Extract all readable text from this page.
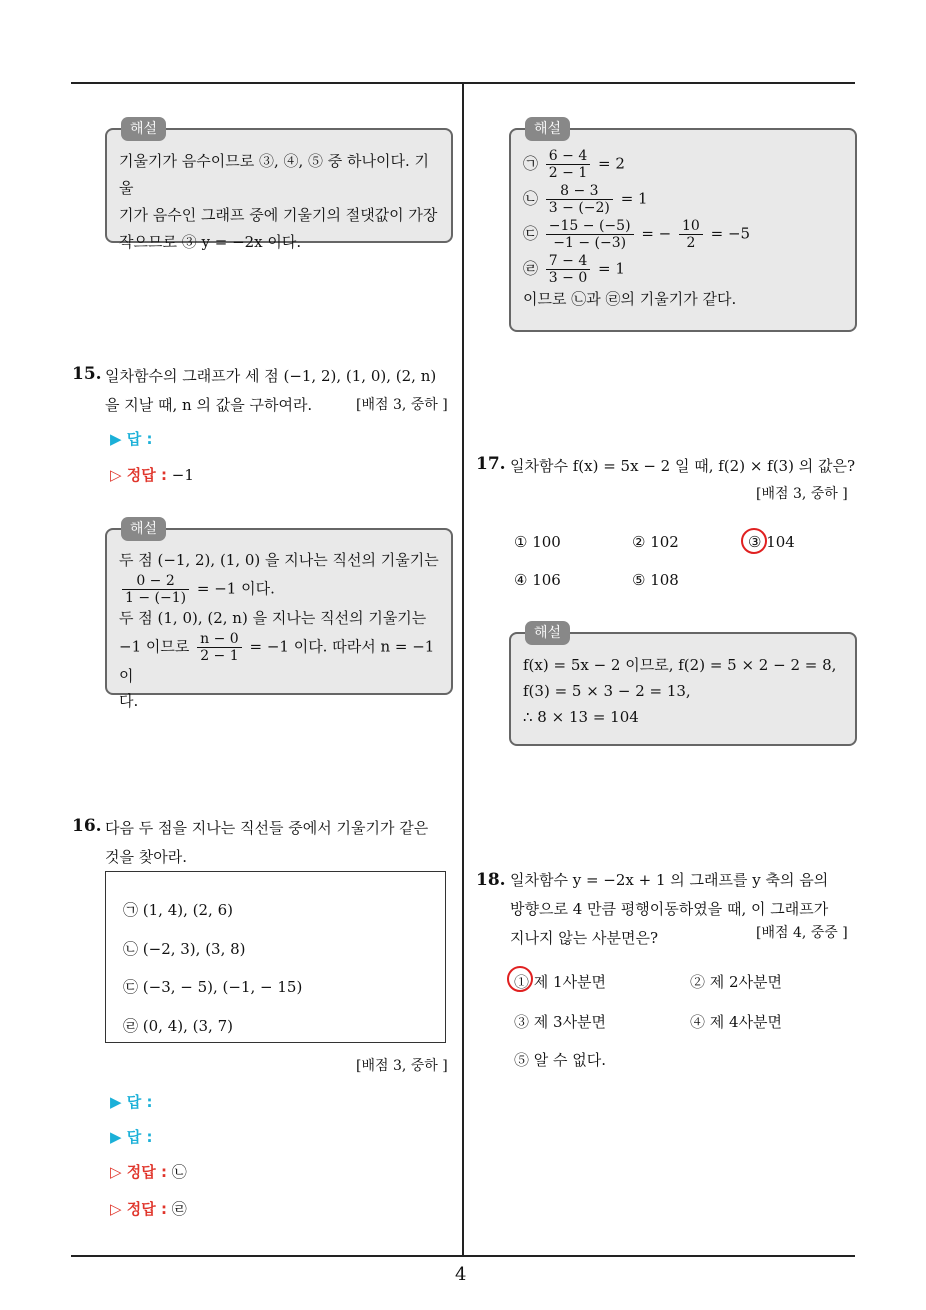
4
해설
기울기가 음수이므로 ③, ④, ⑤ 중 하나이다. 기울
기가 음수인 그래프 중에 기울기의 절댓값이 가장
작으므로 ③ y = −2x 이다.
15. 일차함수의 그래프가 세 점 (−1, 2), (1, 0), (2, n)
을 지날 때, n 의 값을 구하여라.	[배점 3, 중하 ]
▶ 답 :
▷ 정답 : −1
해설
두 점 (−1, 2), (1, 0) 을 지나는 직선의 기울기는
$\frac{0 - 2}{1 - (-1)} = -1$ 이다.
두 점 (1, 0), (2, n) 을 지나는 직선의 기울기는
−1 이므로 $\frac{n - 0}{2 - 1} = -1$ 이다. 따라서 n = −1 이
다.
16. 다음 두 점을 지나는 직선들 중에서 기울기가 같은
것을 찾아라.
㉠ (1, 4), (2, 6)
㉡ (−2, 3), (3, 8)
㉢ (−3, − 5), (−1, − 15)
㉣ (0, 4), (3, 7)
[배점 3, 중하 ]
▶ 답 :
▶ 답 :
▷ 정답 : ㉡
▷ 정답 : ㉣
해설
㉠ $\frac{6 - 4}{2 - 1} = 2$
㉡ $\frac{8 - 3}{3 - (-2)} = 1$
㉢ $\frac{-15 - (-5)}{-1 - (-3)}$ = − $\frac{10}{2} = -5$
㉣ $\frac{7 - 4}{3 - 0} = 1$
이므로 ㉡과 ㉣의 기울기가 같다.
17. 일차함수 f(x) = 5x − 2 일 때, f(2) × f(3) 의 값은?
[배점 3, 중하 ]
① 100	② 102	③ 104
④ 106	⑤ 108
해설
f(x) = 5x − 2 이므로, f(2) = 5 × 2 − 2 = 8,
f(3) = 5 × 3 − 2 = 13,
∴ 8 × 13 = 104
18. 일차함수 y = −2x + 1 의 그래프를 y 축의 음의
방향으로 4 만큼 평행이동하였을 때, 이 그래프가
지나지 않는 사분면은?	[배점 4, 중중 ]
① 제 1사분면	② 제 2사분면
③ 제 3사분면	④ 제 4사분면
⑤ 알 수 없다.
